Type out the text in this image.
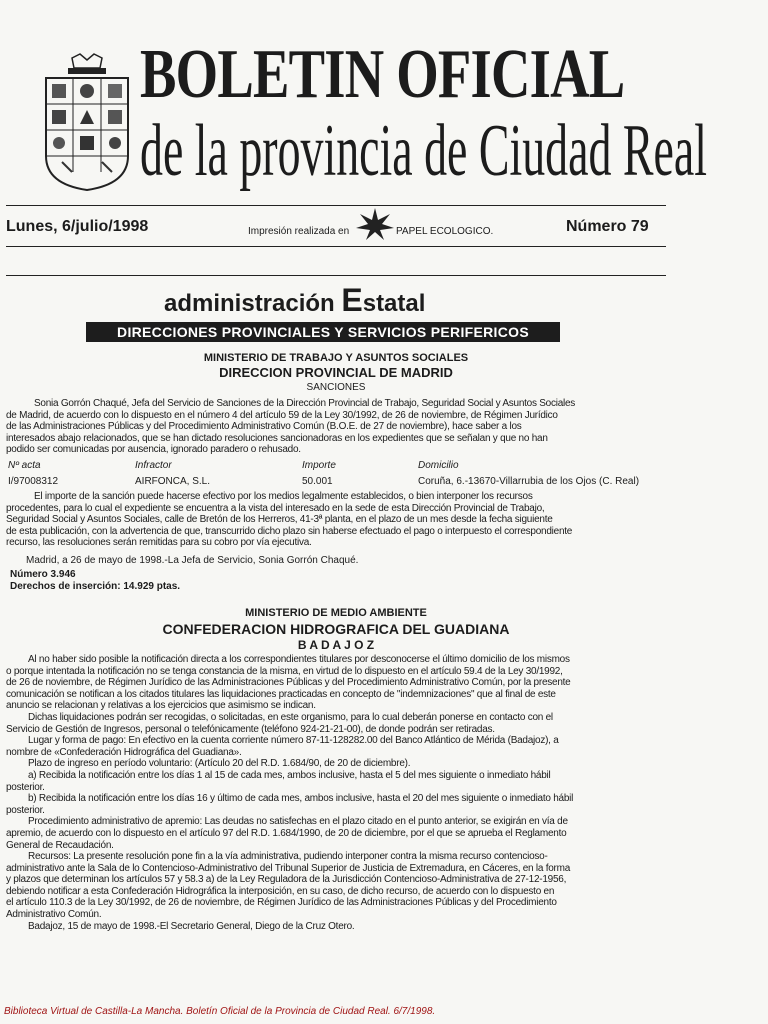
BOLETIN OFICIAL
de la provincia de Ciudad Real
Lunes, 6/julio/1998	Impresión realizada en	PAPEL ECOLOGICO.	Número 79
administración Estatal
DIRECCIONES PROVINCIALES Y SERVICIOS PERIFERICOS
MINISTERIO DE TRABAJO Y ASUNTOS SOCIALES
DIRECCION PROVINCIAL DE MADRID
SANCIONES
Sonia Gorrón Chaqué, Jefa del Servicio de Sanciones de la Dirección Provincial de Trabajo, Seguridad Social y Asuntos Sociales
de Madrid, de acuerdo con lo dispuesto en el número 4 del artículo 59 de la Ley 30/1992, de 26 de noviembre, de Régimen Jurídico
de las Administraciones Públicas y del Procedimiento Administrativo Común (B.O.E. de 27 de noviembre), hace saber a los
interesados abajo relacionados, que se han dictado resoluciones sancionadoras en los expedientes que se señalan y que no han
podido ser comunicadas por ausencia, ignorado paradero o rehusado.
Nº acta	Infractor	Importe	Domicilio
I/97008312	AIRFONCA, S.L.	50.001	Coruña, 6.-13670-Villarrubia de los Ojos (C. Real)
El importe de la sanción puede hacerse efectivo por los medios legalmente establecidos, o bien interponer los recursos
procedentes, para lo cual el expediente se encuentra a la vista del interesado en la sede de esta Dirección Provincial de Trabajo,
Seguridad Social y Asuntos Sociales, calle de Bretón de los Herreros, 41-3ª planta, en el plazo de un mes desde la fecha siguiente
de esta publicación, con la advertencia de que, transcurrido dicho plazo sin haberse efectuado el pago o interpuesto el correspondiente
recurso, las resoluciones serán remitidas para su cobro por vía ejecutiva.
Madrid, a 26 de mayo de 1998.-La Jefa de Servicio, Sonia Gorrón Chaqué.
Número 3.946
Derechos de inserción: 14.929 ptas.
MINISTERIO DE MEDIO AMBIENTE
CONFEDERACION HIDROGRAFICA DEL GUADIANA
B A D A J O Z
Al no haber sido posible la notificación directa a los correspondientes titulares por desconocerse el último domicilio de los mismos
o porque intentada la notificación no se tenga constancia de la misma, en virtud de lo dispuesto en el artículo 59.4 de la Ley 30/1992,
de 26 de noviembre, de Régimen Jurídico de las Administraciones Públicas y del Procedimiento Administrativo Común, por la presente
comunicación se notifican a los citados titulares las liquidaciones practicadas en concepto de "indemnizaciones" que al final de este
anuncio se relacionan y relativas a los ejercicios que asimismo se indican.
Dichas liquidaciones podrán ser recogidas, o solicitadas, en este organismo, para lo cual deberán ponerse en contacto con el
Servicio de Gestión de Ingresos, personal o telefónicamente (teléfono 924-21-21-00), de donde podrán ser retiradas.
Lugar y forma de pago: En efectivo en la cuenta corriente número 87-11-128282.00 del Banco Atlántico de Mérida (Badajoz), a
nombre de «Confederación Hidrográfica del Guadiana».
Plazo de ingreso en período voluntario: (Artículo 20 del R.D. 1.684/90, de 20 de diciembre).
a) Recibida la notificación entre los días 1 al 15 de cada mes, ambos inclusive, hasta el 5 del mes siguiente o inmediato hábil
posterior.
b) Recibida la notificación entre los días 16 y último de cada mes, ambos inclusive, hasta el 20 del mes siguiente o inmediato hábil
posterior.
Procedimiento administrativo de apremio: Las deudas no satisfechas en el plazo citado en el punto anterior, se exigirán en vía de
apremio, de acuerdo con lo dispuesto en el artículo 97 del R.D. 1.684/1990, de 20 de diciembre, por el que se aprueba el Reglamento
General de Recaudación.
Recursos: La presente resolución pone fin a la vía administrativa, pudiendo interponer contra la misma recurso contencioso-
administrativo ante la Sala de lo Contencioso-Administrativo del Tribunal Superior de Justicia de Extremadura, en Cáceres, en la forma
y plazos que determinan los artículos 57 y 58.3 a) de la Ley Reguladora de la Jurisdicción Contencioso-Administrativa de 27-12-1956,
debiendo notificar a esta Confederación Hidrográfica la interposición, en su caso, de dicho recurso, de acuerdo con lo dispuesto en
el artículo 110.3 de la Ley 30/1992, de 26 de noviembre, de Régimen Jurídico de las Administraciones Públicas y del Procedimiento
Administrativo Común.
Badajoz, 15 de mayo de 1998.-El Secretario General, Diego de la Cruz Otero.
Biblioteca Virtual de Castilla-La Mancha. Boletín Oficial de la Provincia de Ciudad Real. 6/7/1998.
